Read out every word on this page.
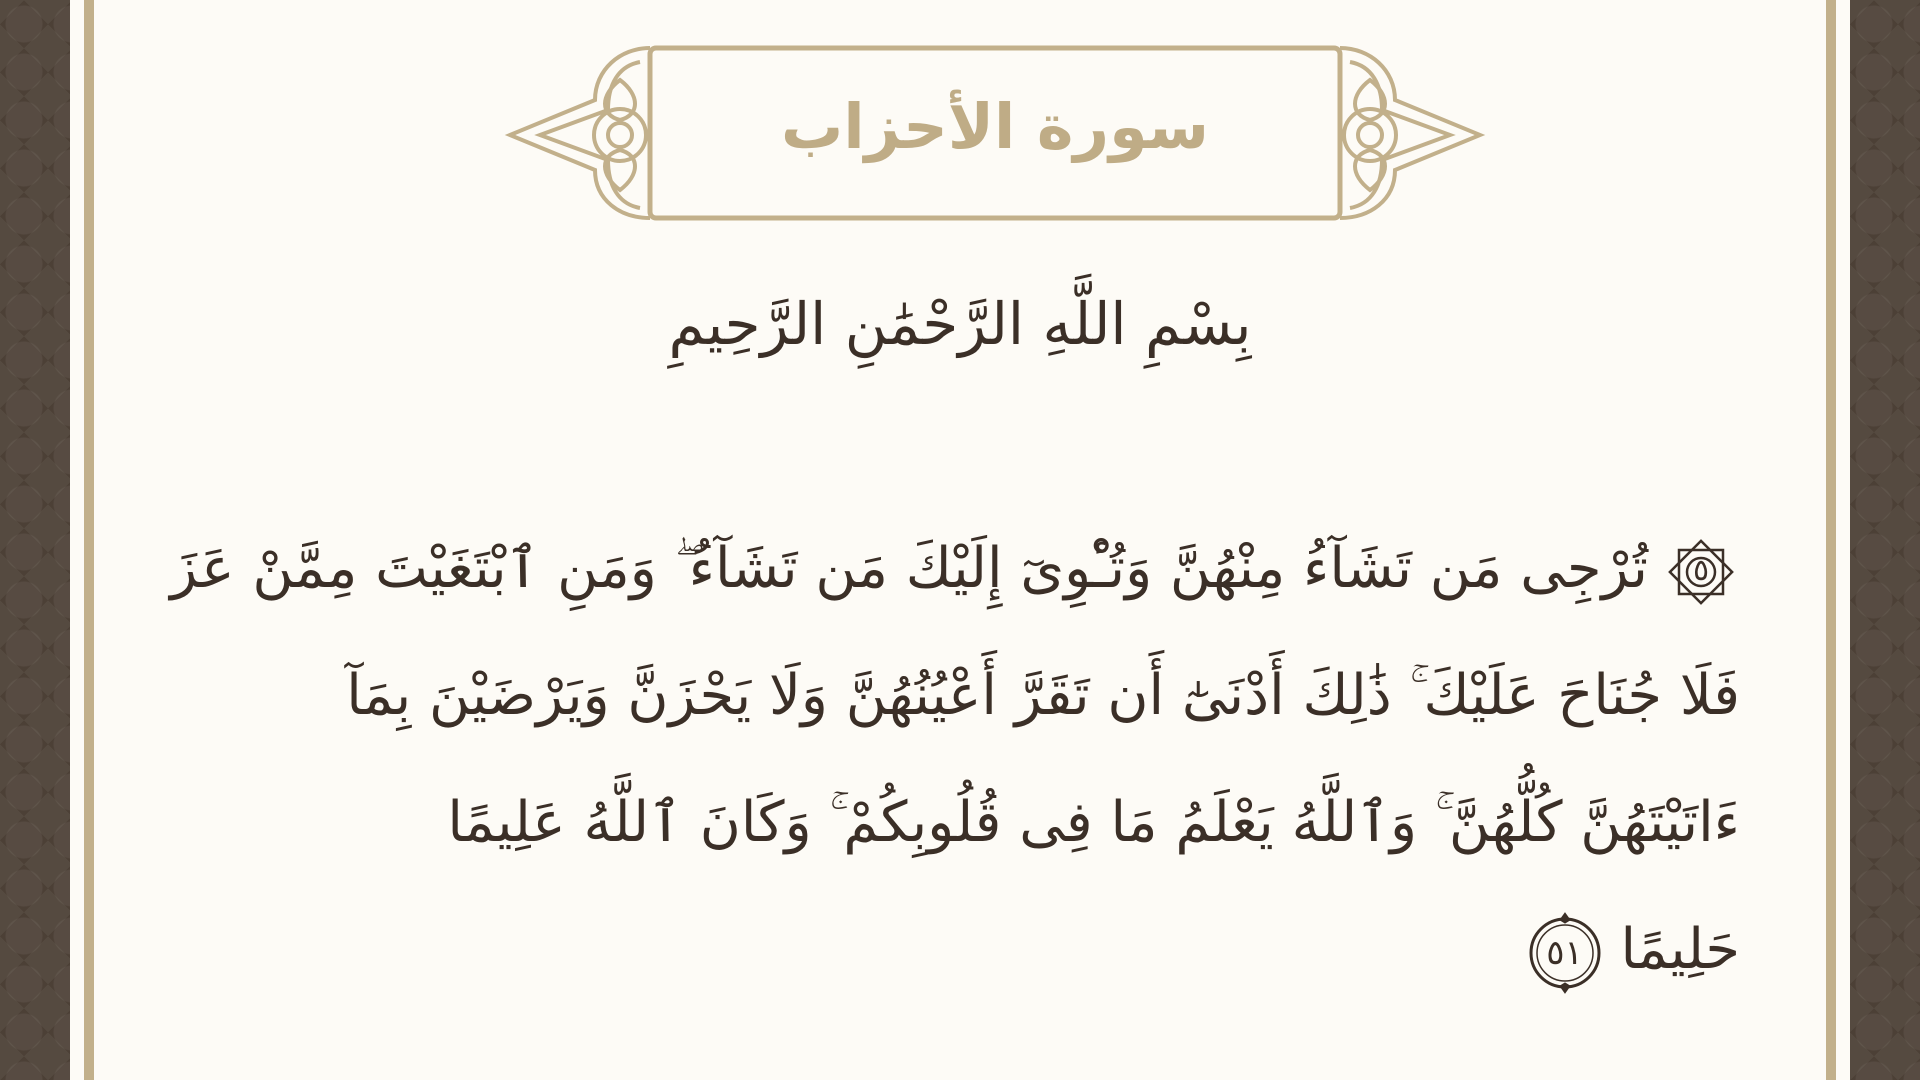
سورة الأحزاب
بِسْمِ اللَّهِ الرَّحْمَٰنِ الرَّحِيمِ
٥
تُرْجِى مَن تَشَآءُ مِنْهُنَّ وَتُـْٔوِىٓ إِلَيْكَ مَن تَشَآءُ ۖ وَمَنِ ٱبْتَغَيْتَ مِمَّنْ عَزَ
فَلَا جُنَاحَ عَلَيْكَ ۚ ذَٰلِكَ أَدْنَىٰٓ أَن تَقَرَّ أَعْيُنُهُنَّ وَلَا يَحْزَنَّ وَيَرْضَيْنَ بِمَآ
ءَاتَيْتَهُنَّ كُلُّهُنَّ ۚ وَٱللَّهُ يَعْلَمُ مَا فِى قُلُوبِكُمْ ۚ وَكَانَ ٱللَّهُ عَلِيمًا
حَلِيمًا
٥١
